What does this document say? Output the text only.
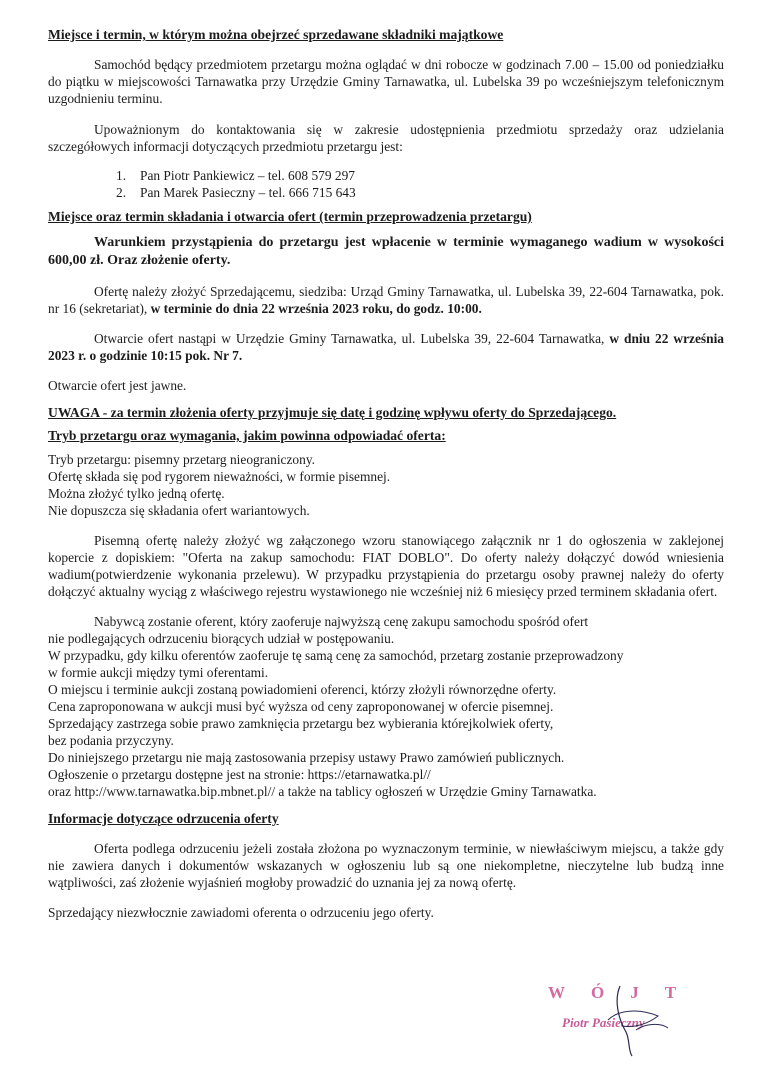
Miejsce i termin, w którym można obejrzeć sprzedawane składniki majątkowe

Samochód będący przedmiotem przetargu można oglądać w dni robocze w godzinach 7.00 – 15.00 od poniedziałku do piątku w miejscowości Tarnawatka przy Urzędzie Gminy Tarnawatka, ul. Lubelska 39 po wcześniejszym telefonicznym uzgodnieniu terminu.

Upoważnionym do kontaktowania się w zakresie udostępnienia przedmiotu sprzedaży oraz udzielania szczegółowych informacji dotyczących przedmiotu przetargu jest:

1. Pan Piotr Pankiewicz – tel. 608 579 297
2. Pan Marek Pasieczny – tel. 666 715 643

Miejsce oraz termin składania i otwarcia ofert (termin przeprowadzenia przetargu)

Warunkiem przystąpienia do przetargu jest wpłacenie w terminie wymaganego wadium w wysokości 600,00 zł. Oraz złożenie oferty.

Ofertę należy złożyć Sprzedającemu, siedziba: Urząd Gminy Tarnawatka, ul. Lubelska 39, 22-604 Tarnawatka, pok. nr 16 (sekretariat), w terminie do dnia 22 września 2023 roku, do godz. 10:00.

Otwarcie ofert nastąpi w Urzędzie Gminy Tarnawatka, ul. Lubelska 39, 22-604 Tarnawatka, w dniu 22 września 2023 r. o godzinie 10:15 pok. Nr 7.

Otwarcie ofert jest jawne.

UWAGA - za termin złożenia oferty przyjmuje się datę i godzinę wpływu oferty do Sprzedającego.

Tryb przetargu oraz wymagania, jakim powinna odpowiadać oferta:

Tryb przetargu: pisemny przetarg nieograniczony.

Ofertę składa się pod rygorem nieważności, w formie pisemnej.

Można złożyć tylko jedną ofertę.

Nie dopuszcza się składania ofert wariantowych.

Pisemną ofertę należy złożyć wg załączonego wzoru stanowiącego załącznik nr 1 do ogłoszenia w zaklejonej kopercie z dopiskiem: "Oferta na zakup samochodu: FIAT DOBLO". Do oferty należy dołączyć dowód wniesienia wadium(potwierdzenie wykonania przelewu). W przypadku przystąpienia do przetargu osoby prawnej należy do oferty dołączyć aktualny wyciąg z właściwego rejestru wystawionego nie wcześniej niż 6 miesięcy przed terminem składania ofert.

Nabywcą zostanie oferent, który zaoferuje najwyższą cenę zakupu samochodu spośród ofert

nie podlegających odrzuceniu biorących udział w postępowaniu.

W przypadku, gdy kilku oferentów zaoferuje tę samą cenę za samochód, przetarg zostanie przeprowadzony

w formie aukcji między tymi oferentami.

O miejscu i terminie aukcji zostaną powiadomieni oferenci, którzy złożyli równorzędne oferty.

Cena zaproponowana w aukcji musi być wyższa od ceny zaproponowanej w ofercie pisemnej.

Sprzedający zastrzega sobie prawo zamknięcia przetargu bez wybierania którejkolwiek oferty,

bez podania przyczyny.

Do niniejszego przetargu nie mają zastosowania przepisy ustawy Prawo zamówień publicznych.

Ogłoszenie o przetargu dostępne jest na stronie: https://etarnawatka.pl//

oraz http://www.tarnawatka.bip.mbnet.pl// a także na tablicy ogłoszeń w Urzędzie Gminy Tarnawatka.

Informacje dotyczące odrzucenia oferty

Oferta podlega odrzuceniu jeżeli została złożona po wyznaczonym terminie, w niewłaściwym miejscu, a także gdy nie zawiera danych i dokumentów wskazanych w ogłoszeniu lub są one niekompletne, nieczytelne lub budzą inne wątpliwości, zaś złożenie wyjaśnień mogłoby prowadzić do uznania jej za nową ofertę.

Sprzedający niezwłocznie zawiadomi oferenta o odrzuceniu jego oferty.

WÓJT
Piotr Pasieczny
